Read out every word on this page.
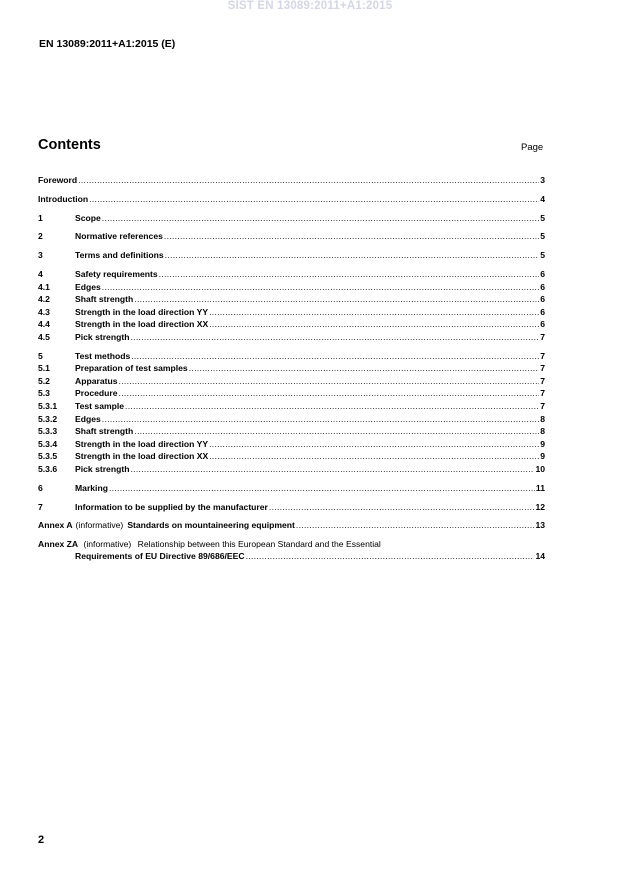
SIST EN 13089:2011+A1:2015
EN 13089:2011+A1:2015 (E)
Contents	Page
Foreword .....	3
Introduction .....	4
1	Scope .....	5
2	Normative references .....	5
3	Terms and definitions .....	5
4	Safety requirements .....	6
4.1	Edges .....	6
4.2	Shaft strength .....	6
4.3	Strength in the load direction YY .....	6
4.4	Strength in the load direction XX .....	6
4.5	Pick strength .....	7
5	Test methods .....	7
5.1	Preparation of test samples .....	7
5.2	Apparatus .....	7
5.3	Procedure .....	7
5.3.1	Test sample .....	7
5.3.2	Edges .....	8
5.3.3	Shaft strength .....	8
5.3.4	Strength in the load direction YY .....	9
5.3.5	Strength in the load direction XX .....	9
5.3.6	Pick strength .....	10
6	Marking .....	11
7	Information to be supplied by the manufacturer .....	12
Annex A (informative) Standards on mountaineering equipment .....	13
Annex ZA (informative) Relationship between this European Standard and the Essential
Requirements of EU Directive 89/686/EEC .....	14
2
